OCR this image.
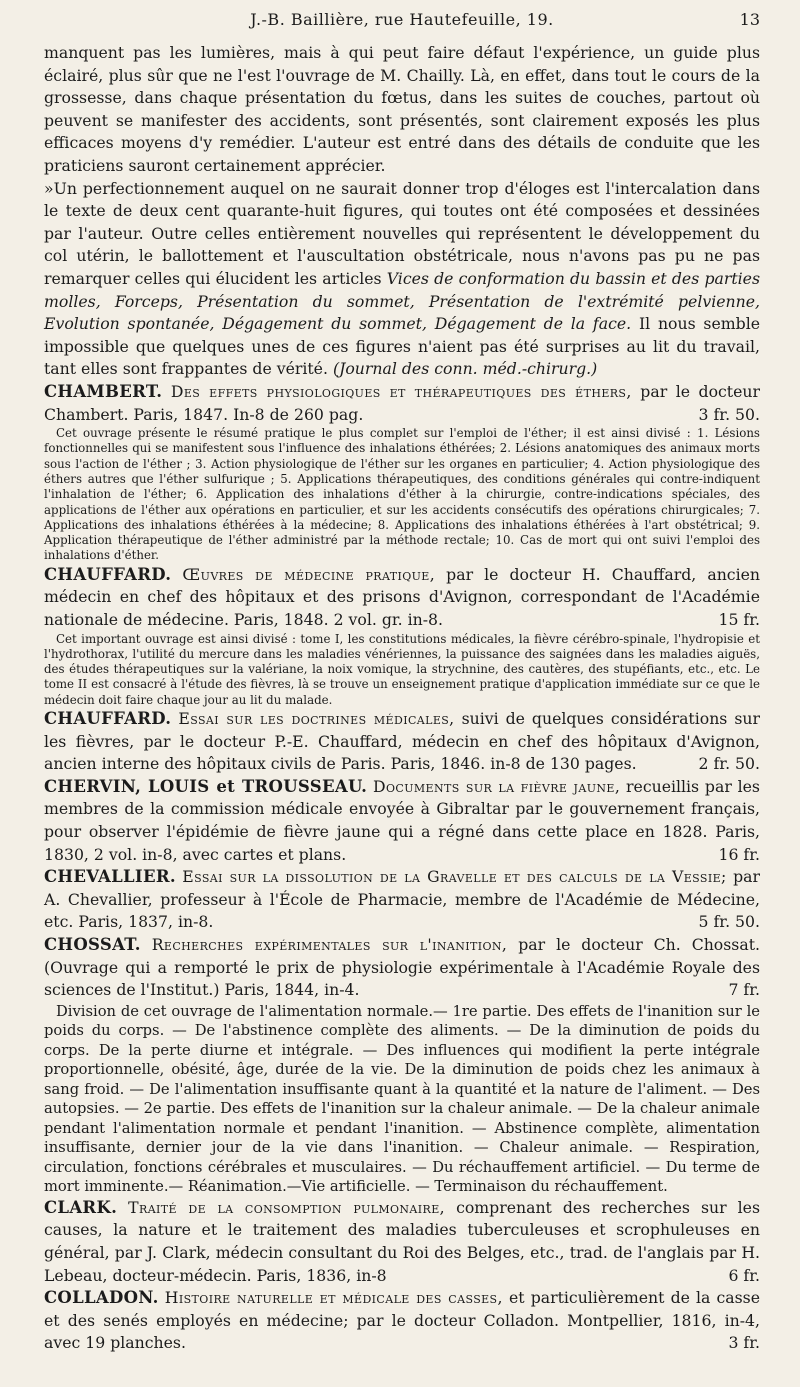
J.-B. Baillière, rue Hautefeuille, 19.	13

manquent pas les lumières, mais à qui peut faire défaut l'expérience, un guide plus éclairé, plus sûr que ne l'est l'ouvrage de M. Chailly. Là, en effet, dans tout le cours de la grossesse, dans chaque présentation du fœtus, dans les suites de couches, partout où peuvent se manifester des accidents, sont présentés, sont clairement exposés les plus efficaces moyens d'y remédier. L'auteur est entré dans des détails de conduite que les praticiens sauront certainement apprécier.

»Un perfectionnement auquel on ne saurait donner trop d'éloges est l'intercalation dans le texte de deux cent quarante-huit figures, qui toutes ont été composées et dessinées par l'auteur. Outre celles entièrement nouvelles qui représentent le développement du col utérin, le ballottement et l'auscultation obstétricale, nous n'avons pas pu ne pas remarquer celles qui élucident les articles Vices de conformation du bassin et des parties molles, Forceps, Présentation du sommet, Présentation de l'extrémité pelvienne, Evolution spontanée, Dégagement du sommet, Dégagement de la face. Il nous semble impossible que quelques unes de ces figures n'aient pas été surprises au lit du travail, tant elles sont frappantes de vérité. (Journal des conn. méd.-chirurg.)

CHAMBERT. Des effets physiologiques et thérapeutiques des éthers, par le docteur Chambert. Paris, 1847. In-8 de 260 pag.	3 fr. 50.

Cet ouvrage présente le résumé pratique le plus complet sur l'emploi de l'éther; il est ainsi divisé : 1. Lésions fonctionnelles qui se manifestent sous l'influence des inhalations éthérées; 2. Lésions anatomiques des animaux morts sous l'action de l'éther ; 3. Action physiologique de l'éther sur les organes en particulier; 4. Action physiologique des éthers autres que l'éther sulfurique ; 5. Applications thérapeutiques, des conditions générales qui contre-indiquent l'inhalation de l'éther; 6. Application des inhalations d'éther à la chirurgie, contre-indications spéciales, des applications de l'éther aux opérations en particulier, et sur les accidents consécutifs des opérations chirurgicales; 7. Applications des inhalations éthérées à la médecine; 8. Applications des inhalations éthérées à l'art obstétrical; 9. Application thérapeutique de l'éther administré par la méthode rectale; 10. Cas de mort qui ont suivi l'emploi des inhalations d'éther.

CHAUFFARD. Œuvres de médecine pratique, par le docteur H. Chauffard, ancien médecin en chef des hôpitaux et des prisons d'Avignon, correspondant de l'Académie nationale de médecine. Paris, 1848. 2 vol. gr. in-8.	15 fr.

Cet important ouvrage est ainsi divisé : tome I, les constitutions médicales, la fièvre cérébro-spinale, l'hydropisie et l'hydrothorax, l'utilité du mercure dans les maladies vénériennes, la puissance des saignées dans les maladies aiguës, des études thérapeutiques sur la valériane, la noix vomique, la strychnine, des cautères, des stupéfiants, etc., etc. Le tome II est consacré à l'étude des fièvres, là se trouve un enseignement pratique d'application immédiate sur ce que le médecin doit faire chaque jour au lit du malade.

CHAUFFARD. Essai sur les doctrines médicales, suivi de quelques considérations sur les fièvres, par le docteur P.-E. Chauffard, médecin en chef des hôpitaux d'Avignon, ancien interne des hôpitaux civils de Paris. Paris, 1846. in-8 de 130 pages.	2 fr. 50.

CHERVIN, LOUIS et TROUSSEAU. Documents sur la fièvre jaune, recueillis par les membres de la commission médicale envoyée à Gibraltar par le gouvernement français, pour observer l'épidémie de fièvre jaune qui a régné dans cette place en 1828. Paris, 1830, 2 vol. in-8, avec cartes et plans.	16 fr.

CHEVALLIER. Essai sur la dissolution de la Gravelle et des calculs de la Vessie; par A. Chevallier, professeur à l'École de Pharmacie, membre de l'Académie de Médecine, etc. Paris, 1837, in-8.	5 fr. 50.

CHOSSAT. Recherches expérimentales sur l'inanition, par le docteur Ch. Chossat. (Ouvrage qui a remporté le prix de physiologie expérimentale à l'Académie Royale des sciences de l'Institut.) Paris, 1844, in-4.	7 fr.

Division de cet ouvrage de l'alimentation normale.— 1re partie. Des effets de l'inanition sur le poids du corps. — De l'abstinence complète des aliments. — De la diminution de poids du corps. De la perte diurne et intégrale. — Des influences qui modifient la perte intégrale proportionnelle, obésité, âge, durée de la vie. De la diminution de poids chez les animaux à sang froid. — De l'alimentation insuffisante quant à la quantité et la nature de l'aliment. — Des autopsies. — 2e partie. Des effets de l'inanition sur la chaleur animale. — De la chaleur animale pendant l'alimentation normale et pendant l'inanition. — Abstinence complète, alimentation insuffisante, dernier jour de la vie dans l'inanition. — Chaleur animale. — Respiration, circulation, fonctions cérébrales et musculaires. — Du réchauffement artificiel. — Du terme de mort imminente.— Réanimation.—Vie artificielle. — Terminaison du réchauffement.

CLARK. Traité de la consomption pulmonaire, comprenant des recherches sur les causes, la nature et le traitement des maladies tuberculeuses et scrophuleuses en général, par J. Clark, médecin consultant du Roi des Belges, etc., trad. de l'anglais par H. Lebeau, docteur-médecin. Paris, 1836, in-8	6 fr.

COLLADON. Histoire naturelle et médicale des casses, et particulièrement de la casse et des senés employés en médecine; par le docteur Colladon. Montpellier, 1816, in-4, avec 19 planches.	3 fr.
